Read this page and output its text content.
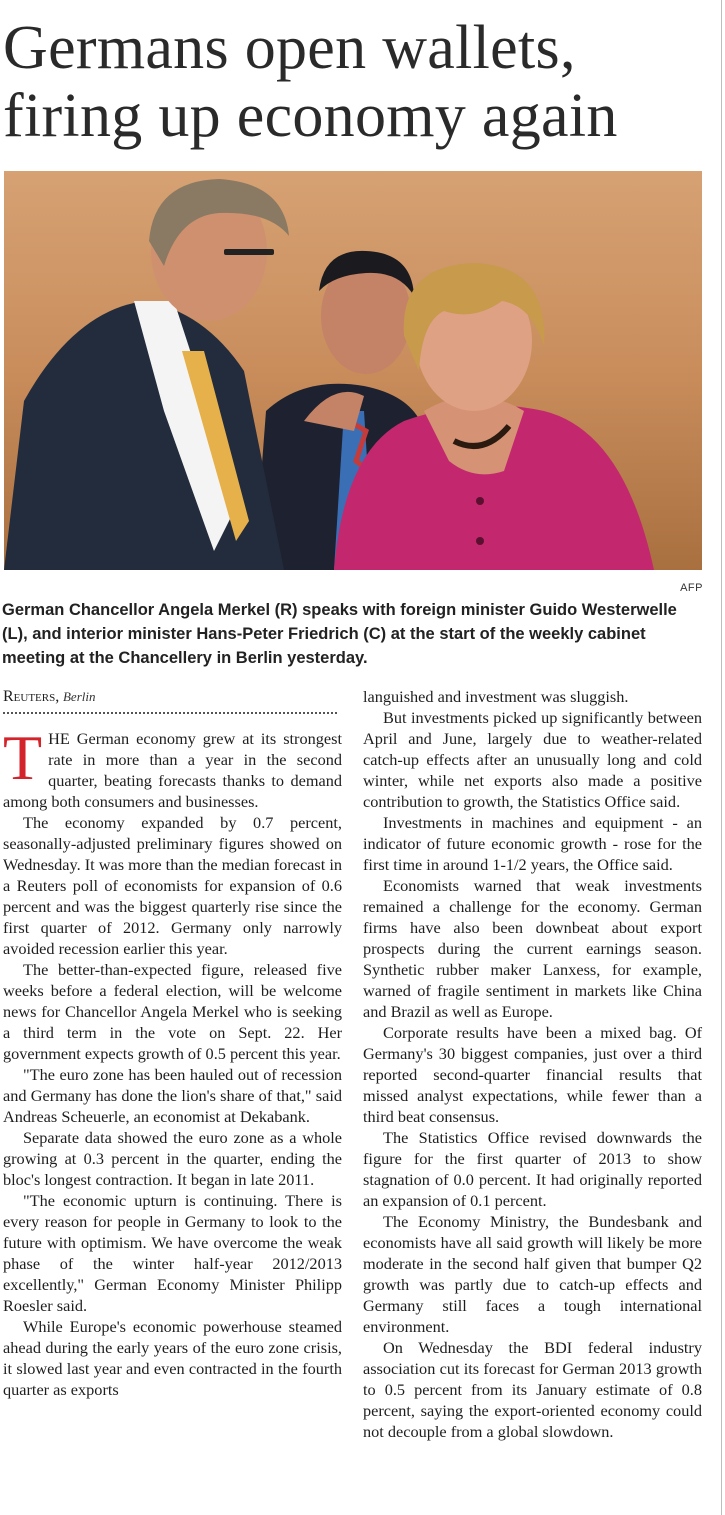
Germans open wallets,
firing up economy again
AFP
German Chancellor Angela Merkel (R) speaks with foreign minister Guido Westerwelle (L), and interior minister Hans-Peter Friedrich (C) at the start of the weekly cabinet meeting at the Chancellery in Berlin yesterday.
Reuters, Berlin

THE German economy grew at its strongest rate in more than a year in the second quarter, beating forecasts thanks to demand among both consumers and businesses.

The economy expanded by 0.7 percent, seasonally-adjusted preliminary figures showed on Wednesday. It was more than the median forecast in a Reuters poll of economists for expansion of 0.6 percent and was the biggest quarterly rise since the first quarter of 2012. Germany only narrowly avoided recession earlier this year.

The better-than-expected figure, released five weeks before a federal election, will be welcome news for Chancellor Angela Merkel who is seeking a third term in the vote on Sept. 22. Her government expects growth of 0.5 percent this year.

"The euro zone has been hauled out of recession and Germany has done the lion's share of that," said Andreas Scheuerle, an economist at Dekabank.

Separate data showed the euro zone as a whole growing at 0.3 percent in the quarter, ending the bloc's longest contraction. It began in late 2011.

"The economic upturn is continuing. There is every reason for people in Germany to look to the future with optimism. We have overcome the weak phase of the winter half-year 2012/2013 excellently," German Economy Minister Philipp Roesler said.

While Europe's economic powerhouse steamed ahead during the early years of the euro zone crisis, it slowed last year and even contracted in the fourth quarter as exports

languished and investment was sluggish.

But investments picked up significantly between April and June, largely due to weather-related catch-up effects after an unusually long and cold winter, while net exports also made a positive contribution to growth, the Statistics Office said.

Investments in machines and equipment - an indicator of future economic growth - rose for the first time in around 1-1/2 years, the Office said.

Economists warned that weak investments remained a challenge for the economy. German firms have also been downbeat about export prospects during the current earnings season. Synthetic rubber maker Lanxess, for example, warned of fragile sentiment in markets like China and Brazil as well as Europe.

Corporate results have been a mixed bag. Of Germany's 30 biggest companies, just over a third reported second-quarter financial results that missed analyst expectations, while fewer than a third beat consensus.

The Statistics Office revised downwards the figure for the first quarter of 2013 to show stagnation of 0.0 percent. It had originally reported an expansion of 0.1 percent.

The Economy Ministry, the Bundesbank and economists have all said growth will likely be more moderate in the second half given that bumper Q2 growth was partly due to catch-up effects and Germany still faces a tough international environment.

On Wednesday the BDI federal industry association cut its forecast for German 2013 growth to 0.5 percent from its January estimate of 0.8 percent, saying the export-oriented economy could not decouple from a global slowdown.
